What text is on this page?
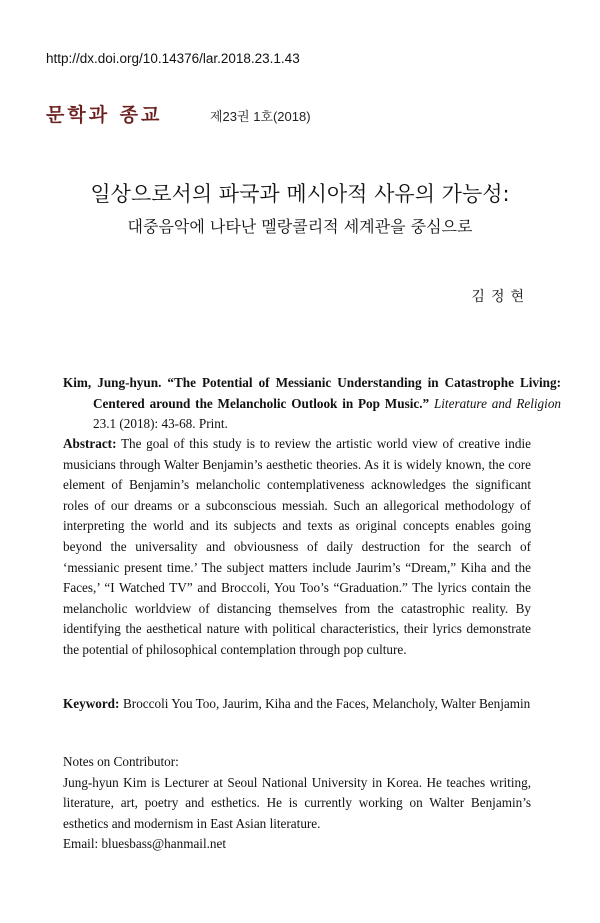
http://dx.doi.org/10.14376/lar.2018.23.1.43
문학과 종교	제23권 1호(2018)
일상으로서의 파국과 메시아적 사유의 가능성:
대중음악에 나타난 멜랑콜리적 세계관을 중심으로
김정현
Kim, Jung-hyun. “The Potential of Messianic Understanding in Catastrophe Living: Centered around the Melancholic Outlook in Pop Music.” Literature and Religion 23.1 (2018): 43-68. Print.
Abstract: The goal of this study is to review the artistic world view of creative indie musicians through Walter Benjamin’s aesthetic theories. As it is widely known, the core element of Benjamin’s melancholic contemplativeness acknowledges the significant roles of our dreams or a subconscious messiah. Such an allegorical methodology of interpreting the world and its subjects and texts as original concepts enables going beyond the universality and obviousness of daily destruction for the search of ‘messianic present time.’ The subject matters include Jaurim’s “Dream,” Kiha and the Faces,’ “I Watched TV” and Broccoli, You Too’s “Graduation.” The lyrics contain the melancholic worldview of distancing themselves from the catastrophic reality. By identifying the aesthetical nature with political characteristics, their lyrics demonstrate the potential of philosophical contemplation through pop culture.
Keyword: Broccoli You Too, Jaurim, Kiha and the Faces, Melancholy, Walter Benjamin
Notes on Contributor:
Jung-hyun Kim is Lecturer at Seoul National University in Korea. He teaches writing, literature, art, poetry and esthetics. He is currently working on Walter Benjamin’s esthetics and modernism in East Asian literature.
Email: bluesbass@hanmail.net
